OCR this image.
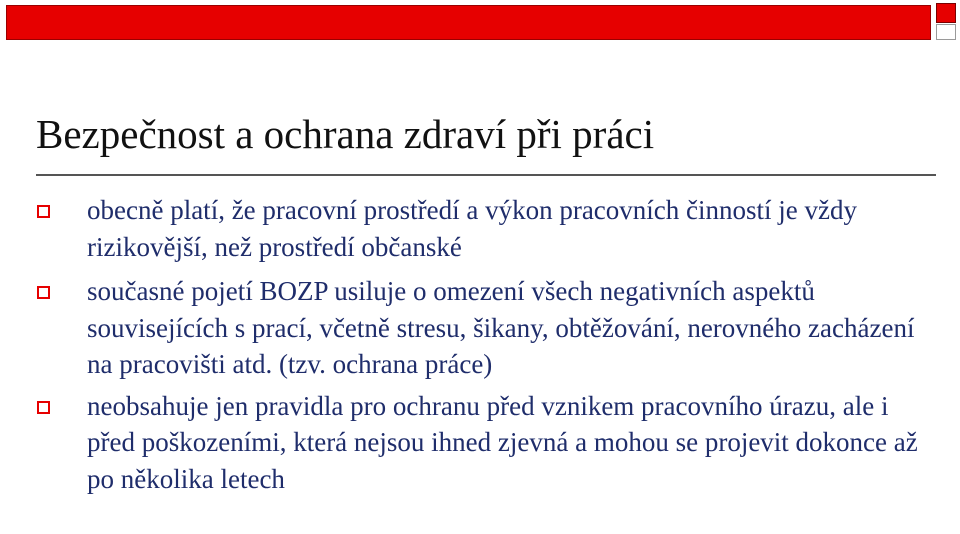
Bezpečnost a ochrana zdraví při práci
obecně platí, že pracovní prostředí a výkon pracovních činností je vždy rizikovější, než prostředí občanské
současné pojetí BOZP usiluje o omezení všech negativních aspektů souvisejících s prací, včetně stresu, šikany, obtěžování, nerovného zacházení na pracovišti atd. (tzv. ochrana práce)
neobsahuje jen pravidla pro ochranu před vznikem pracovního úrazu, ale i před poškozeními, která nejsou ihned zjevná a mohou se projevit dokonce až po několika letech
